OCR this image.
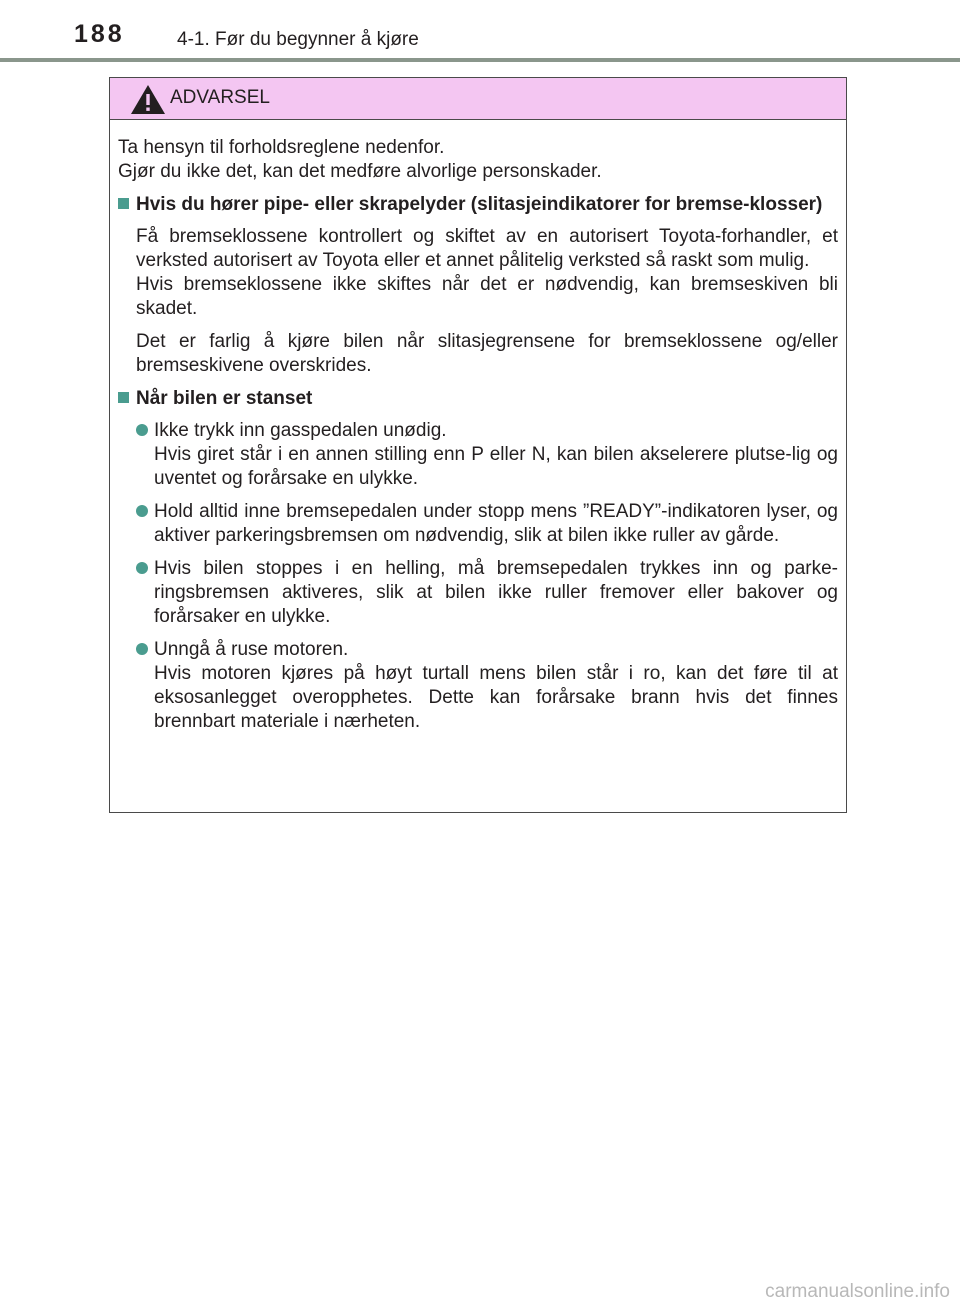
188	4-1. Før du begynner å kjøre
ADVARSEL

Ta hensyn til forholdsreglene nedenfor.

Gjør du ikke det, kan det medføre alvorlige personskader.

Hvis du hører pipe- eller skrapelyder (slitasjeindikatorer for bremse-klosser)
Få bremseklossene kontrollert og skiftet av en autorisert Toyota-forhandler, et verksted autorisert av Toyota eller et annet pålitelig verksted så raskt som mulig.
Hvis bremseklossene ikke skiftes når det er nødvendig, kan bremseskiven bli skadet.
Det er farlig å kjøre bilen når slitasjegrensene for bremseklossene og/eller bremseskivene overskrides.
Når bilen er stanset
Ikke trykk inn gasspedalen unødig.
Hvis giret står i en annen stilling enn P eller N, kan bilen akselerere plutse-lig og uventet og forårsake en ulykke.
Hold alltid inne bremsepedalen under stopp mens ”READY”-indikatoren lyser, og aktiver parkeringsbremsen om nødvendig, slik at bilen ikke ruller av gårde.
Hvis bilen stoppes i en helling, må bremsepedalen trykkes inn og parke-ringsbremsen aktiveres, slik at bilen ikke ruller fremover eller bakover og forårsaker en ulykke.
Unngå å ruse motoren.
Hvis motoren kjøres på høyt turtall mens bilen står i ro, kan det føre til at eksosanlegget overopphetes. Dette kan forårsake brann hvis det finnes brennbart materiale i nærheten.
carmanualsonline.info
